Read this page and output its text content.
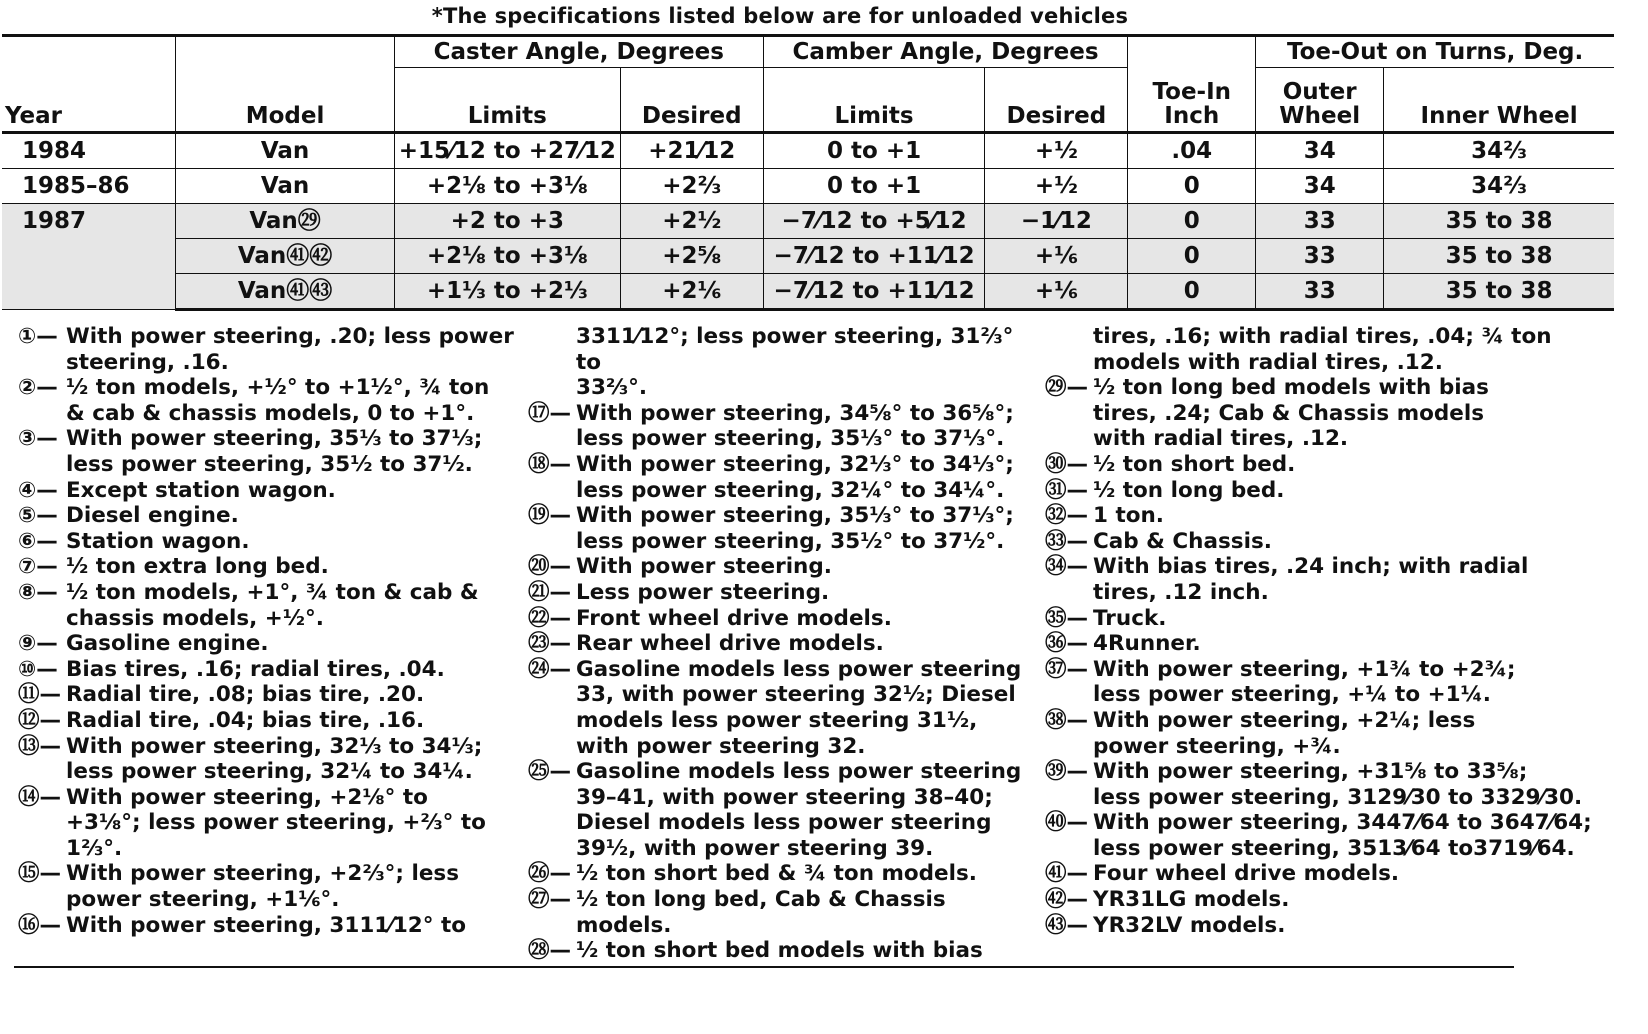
*The specifications listed below are for unloaded vehicles
Year	Model	Caster Angle, Degrees		Camber Angle, Degrees		Toe-In Inch	Toe-Out on Turns, Deg.	
		Limits	Desired	Limits	Desired		Outer Wheel	Inner Wheel
1984	Van	+15⁄12 to +27⁄12	+21⁄12	0 to +1	+½	.04	34	34⅔
1985–86	Van	+2⅛ to +3⅛	+2⅔	0 to +1	+½	0	34	34⅔
1987	Van㉙	+2 to +3	+2½	−7⁄12 to +5⁄12	−1⁄12	0	33	35 to 38
	Van㊶㊷	+2⅛ to +3⅛	+2⅝	−7⁄12 to +11⁄12	+⅙	0	33	35 to 38
	Van㊶㊸	+1⅓ to +2⅓	+2⅙	−7⁄12 to +11⁄12	+⅙	0	33	35 to 38
①— With power steering, .20; less power
steering, .16.
②— ½ ton models, +½° to +1½°, ¾ ton
& cab & chassis models, 0 to +1°.
③— With power steering, 35⅓ to 37⅓;
less power steering, 35½ to 37½.
④— Except station wagon.
⑤— Diesel engine.
⑥— Station wagon.
⑦— ½ ton extra long bed.
⑧— ½ ton models, +1°, ¾ ton & cab &
chassis models, +½°.
⑨— Gasoline engine.
⑩— Bias tires, .16; radial tires, .04.
⑪— Radial tire, .08; bias tire, .20.
⑫— Radial tire, .04; bias tire, .16.
⑬— With power steering, 32⅓ to 34⅓;
less power steering, 32¼ to 34¼.
⑭— With power steering, +2⅛° to
+3⅛°; less power steering, +⅔° to
1⅔°.
⑮— With power steering, +2⅔°; less
power steering, +1⅙°.
⑯— With power steering, 3111⁄12° to
3311⁄12°; less power steering, 31⅔° to
33⅔°.
⑰— With power steering, 34⅝° to 36⅝°;
less power steering, 35⅓° to 37⅓°.
⑱— With power steering, 32⅓° to 34⅓°;
less power steering, 32¼° to 34¼°.
⑲— With power steering, 35⅓° to 37⅓°;
less power steering, 35½° to 37½°.
⑳— With power steering.
㉑— Less power steering.
㉒— Front wheel drive models.
㉓— Rear wheel drive models.
㉔— Gasoline models less power steering
33, with power steering 32½; Diesel
models less power steering 31½,
with power steering 32.
㉕— Gasoline models less power steering
39–41, with power steering 38–40;
Diesel models less power steering
39½, with power steering 39.
㉖— ½ ton short bed & ¾ ton models.
㉗— ½ ton long bed, Cab & Chassis
models.
㉘— ½ ton short bed models with bias
tires, .16; with radial tires, .04; ¾ ton
models with radial tires, .12.
㉙— ½ ton long bed models with bias
tires, .24; Cab & Chassis models
with radial tires, .12.
㉚— ½ ton short bed.
㉛— ½ ton long bed.
㉜— 1 ton.
㉝— Cab & Chassis.
㉞— With bias tires, .24 inch; with radial
tires, .12 inch.
㉟— Truck.
㊱— 4Runner.
㊲— With power steering, +1¾ to +2¾;
less power steering, +¼ to +1¼.
㊳— With power steering, +2¼; less
power steering, +¾.
㊴— With power steering, +31⅝ to 33⅝;
less power steering, 3129⁄30 to 3329⁄30.
㊵— With power steering, 3447⁄64 to 3647⁄64;
less power steering, 3513⁄64 to3719⁄64.
㊶— Four wheel drive models.
㊷— YR31LG models.
㊸— YR32LV models.
